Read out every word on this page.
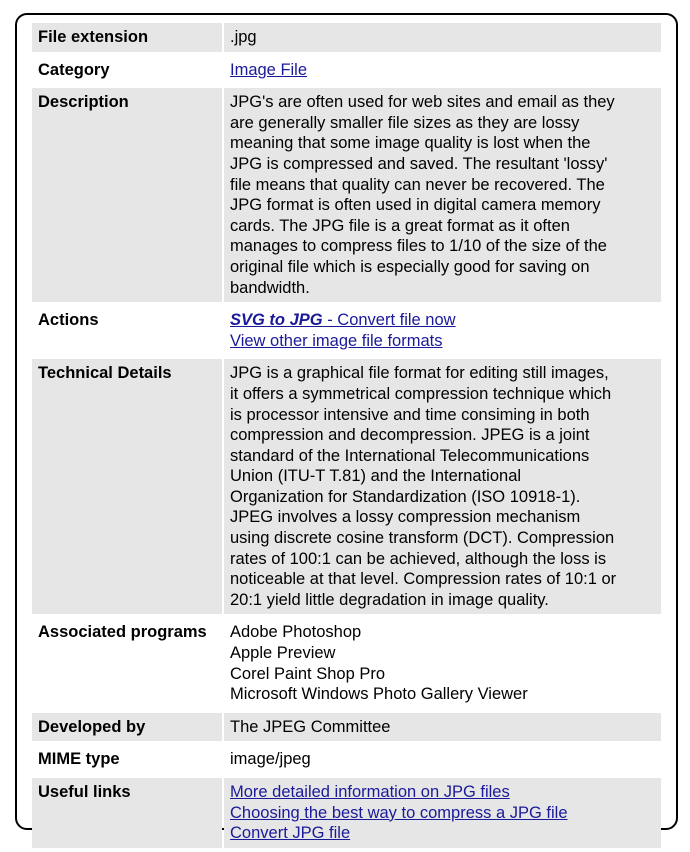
File extension	.jpg
Category	Image File
Description	JPG's are often used for web sites and email as they
are generally smaller file sizes as they are lossy
meaning that some image quality is lost when the
JPG is compressed and saved. The resultant 'lossy'
file means that quality can never be recovered. The
JPG format is often used in digital camera memory
cards. The JPG file is a great format as it often
manages to compress files to 1/10 of the size of the
original file which is especially good for saving on
bandwidth.
Actions	SVG to JPG - Convert file now
View other image file formats
Technical Details	JPG is a graphical file format for editing still images,
it offers a symmetrical compression technique which
is processor intensive and time consiming in both
compression and decompression. JPEG is a joint
standard of the International Telecommunications
Union (ITU-T T.81) and the International
Organization for Standardization (ISO 10918-1).
JPEG involves a lossy compression mechanism
using discrete cosine transform (DCT). Compression
rates of 100:1 can be achieved, although the loss is
noticeable at that level. Compression rates of 10:1 or
20:1 yield little degradation in image quality.
Associated programs	Adobe Photoshop
Apple Preview
Corel Paint Shop Pro
Microsoft Windows Photo Gallery Viewer
Developed by	The JPEG Committee
MIME type	image/jpeg
Useful links	More detailed information on JPG files
Choosing the best way to compress a JPG file
Convert JPG file
